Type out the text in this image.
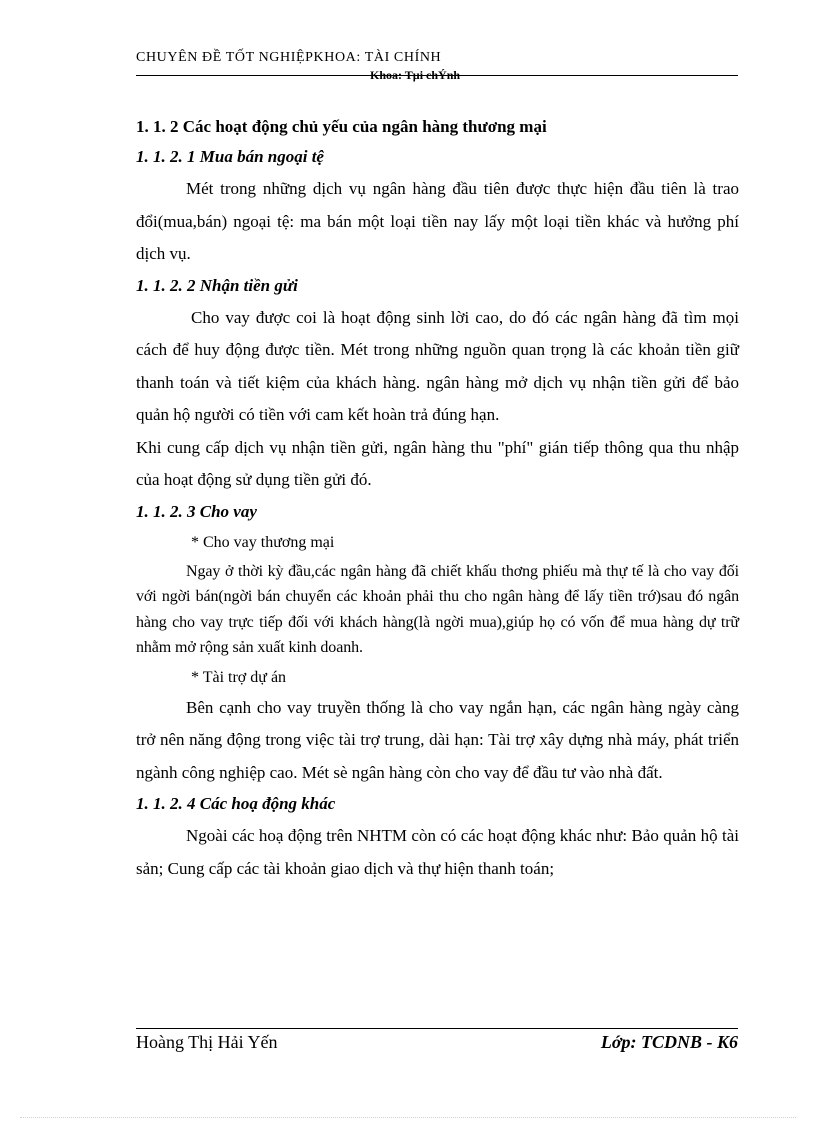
CHUYÊN ĐỀ TỐT NGHIỆPKHOA: TÀI CHÍNH
Khoa: Tµi chÝnh
1. 1. 2 Các hoạt động chủ yếu của ngân hàng thương mại
1. 1. 2. 1 Mua bán ngoại tệ

Mét trong những dịch vụ ngân hàng đầu tiên được thực hiện đầu tiên là trao đổi(mua,bán) ngoại tệ: ma bán một loại tiền nay lấy một loại tiền khác và hưởng phí dịch vụ.

1. 1. 2. 2 Nhận tiền gửi

Cho vay được coi là hoạt động sinh lời cao, do đó các ngân hàng đã tìm mọi cách để huy động được tiền. Mét trong những nguồn quan trọng là các khoản tiền giữ thanh toán và tiết kiệm của khách hàng. ngân hàng mở dịch vụ nhận tiền gửi để bảo quản hộ người có tiền với cam kết hoàn trả đúng hạn.

Khi cung cấp dịch vụ nhận tiền gửi, ngân hàng thu "phí" gián tiếp thông qua thu nhập của hoạt động sử dụng tiền gửi đó.

1. 1. 2. 3 Cho vay
* Cho vay thương mại

Ngay ở thời kỳ đầu,các ngân hàng đã chiết khấu thơng phiếu mà thự tế là cho vay đối với ngời bán(ngời bán chuyển các khoản phải thu cho ngân hàng để lấy tiền trớ)sau đó ngân hàng cho vay trực tiếp đối với khách hàng(là ngời mua),giúp họ có vốn để mua hàng dự trữ nhằm mở rộng sản xuất kinh doanh.

* Tài trợ dự án

Bên cạnh cho vay truyền thống là cho vay ngắn hạn, các ngân hàng ngày càng trở nên năng động trong việc tài trợ trung, dài hạn: Tài trợ xây dựng nhà máy, phát triển ngành công nghiệp cao. Mét sè ngân hàng còn cho vay để đầu tư vào nhà đất.

1. 1. 2. 4 Các hoạ động khác

Ngoài các hoạ động trên NHTM còn có các hoạt động khác như: Bảo quản hộ tài sản; Cung cấp các tài khoản giao dịch và thự hiện thanh toán;

Hoàng Thị Hải Yến	Lớp: TCDNB - K6
